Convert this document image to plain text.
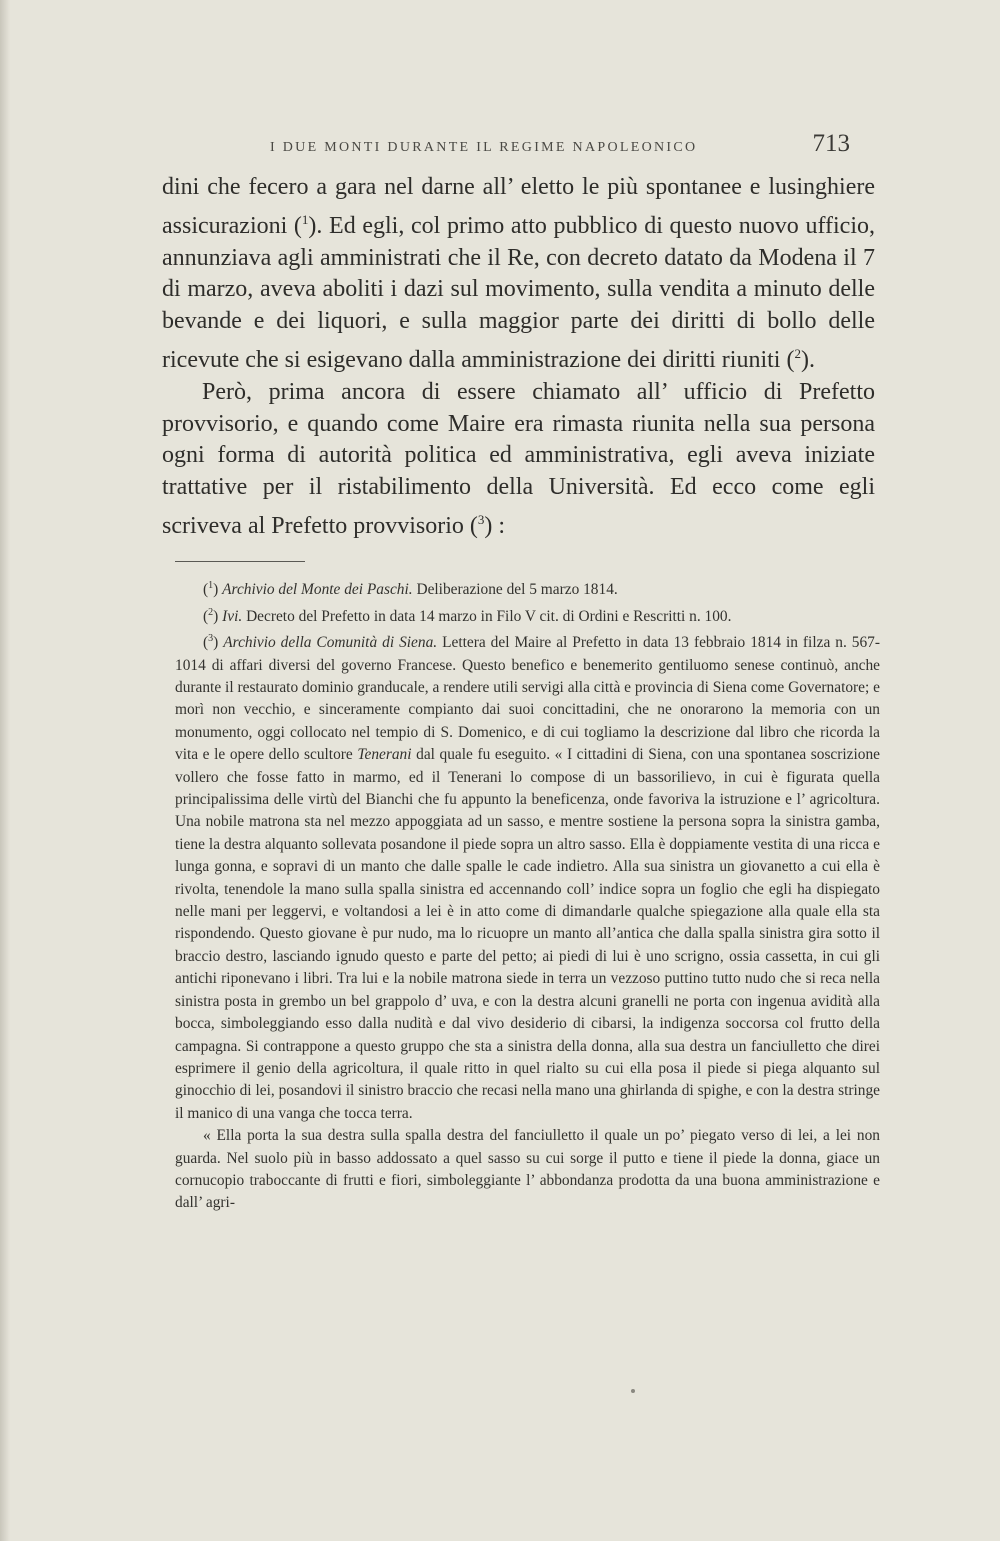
I DUE MONTI DURANTE IL REGIME NAPOLEONICO	713

dini che fecero a gara nel darne all’ eletto le più spontanee e lusinghiere assicurazioni ($^1$). Ed egli, col primo atto pubblico di questo nuovo ufficio, annunziava agli amministrati che il Re, con decreto datato da Modena il 7 di marzo, aveva aboliti i dazi sul movimento, sulla vendita a minuto delle bevande e dei liquori, e sulla maggior parte dei diritti di bollo delle ricevute che si esigevano dalla amministrazione dei diritti riuniti ($^2$).

Però, prima ancora di essere chiamato all’ ufficio di Prefetto provvisorio, e quando come Maire era rimasta riunita nella sua persona ogni forma di autorità politica ed amministrativa, egli aveva iniziate trattative per il ristabilimento della Università. Ed ecco come egli scriveva al Prefetto provvisorio ($^3$) :

($^1$) Archivio del Monte dei Paschi. Deliberazione del 5 marzo 1814.

($^2$) Ivi. Decreto del Prefetto in data 14 marzo in Filo V cit. di Ordini e Rescritti n. 100.

($^3$) Archivio della Comunità di Siena. Lettera del Maire al Prefetto in data 13 febbraio 1814 in filza n. 567-1014 di affari diversi del governo Francese. Questo benefico e benemerito gentiluomo senese continuò, anche durante il restaurato dominio granducale, a rendere utili servigi alla città e provincia di Siena come Governatore; e morì non vecchio, e sinceramente compianto dai suoi concittadini, che ne onorarono la memoria con un monumento, oggi collocato nel tempio di S. Domenico, e di cui togliamo la descrizione dal libro che ricorda la vita e le opere dello scultore Tenerani dal quale fu eseguito. « I cittadini di Siena, con una spontanea soscrizione vollero che fosse fatto in marmo, ed il Tenerani lo compose di un bassorilievo, in cui è figurata quella principalissima delle virtù del Bianchi che fu appunto la beneficenza, onde favoriva la istruzione e l’ agricoltura. Una nobile matrona sta nel mezzo appoggiata ad un sasso, e mentre sostiene la persona sopra la sinistra gamba, tiene la destra alquanto sollevata posandone il piede sopra un altro sasso. Ella è doppiamente vestita di una ricca e lunga gonna, e sopravi di un manto che dalle spalle le cade indietro. Alla sua sinistra un giovanetto a cui ella è rivolta, tenendole la mano sulla spalla sinistra ed accennando coll’ indice sopra un foglio che egli ha dispiegato nelle mani per leggervi, e voltandosi a lei è in atto come di dimandarle qualche spiegazione alla quale ella sta rispondendo. Questo giovane è pur nudo, ma lo ricuopre un manto all’antica che dalla spalla sinistra gira sotto il braccio destro, lasciando ignudo questo e parte del petto; ai piedi di lui è uno scrigno, ossia cassetta, in cui gli antichi riponevano i libri. Tra lui e la nobile matrona siede in terra un vezzoso puttino tutto nudo che si reca nella sinistra posta in grembo un bel grappolo d’ uva, e con la destra alcuni granelli ne porta con ingenua avidità alla bocca, simboleggiando esso dalla nudità e dal vivo desiderio di cibarsi, la indigenza soccorsa col frutto della campagna. Si contrappone a questo gruppo che sta a sinistra della donna, alla sua destra un fanciulletto che direi esprimere il genio della agricoltura, il quale ritto in quel rialto su cui ella posa il piede si piega alquanto sul ginocchio di lei, posandovi il sinistro braccio che recasi nella mano una ghirlanda di spighe, e con la destra stringe il manico di una vanga che tocca terra.

« Ella porta la sua destra sulla spalla destra del fanciulletto il quale un po’ piegato verso di lei, a lei non guarda. Nel suolo più in basso addossato a quel sasso su cui sorge il putto e tiene il piede la donna, giace un cornucopio traboccante di frutti e fiori, simboleggiante l’ abbondanza prodotta da una buona amministrazione e dall’ agri-
